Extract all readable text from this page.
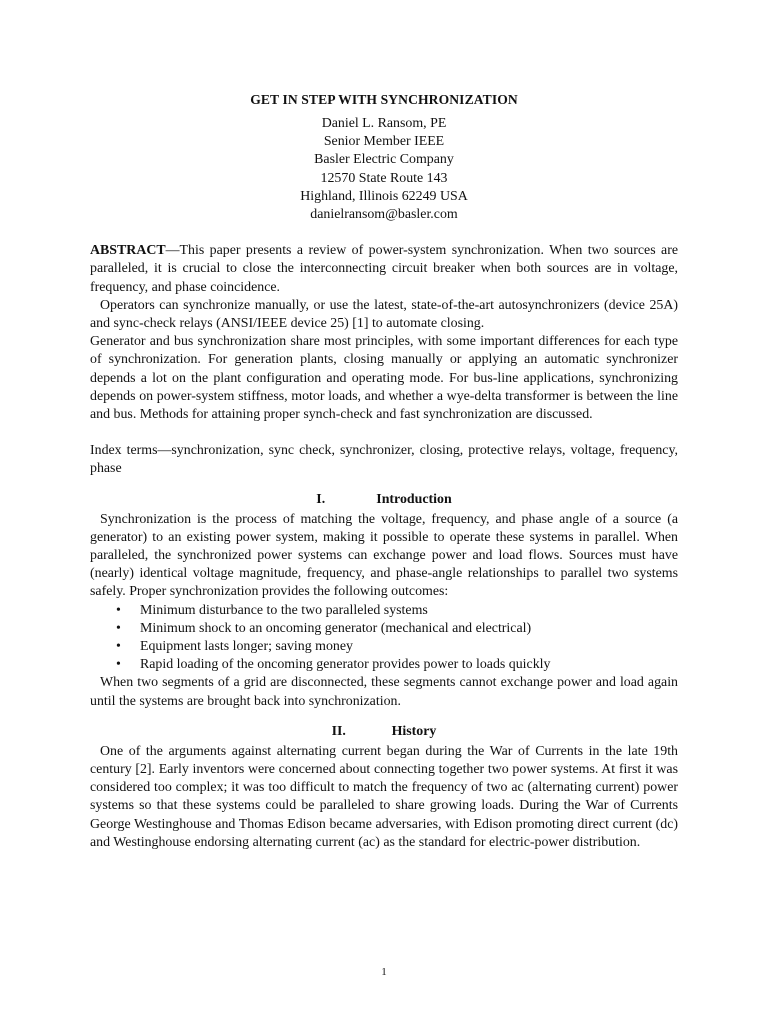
GET IN STEP WITH SYNCHRONIZATION
Daniel L. Ransom, PE
Senior Member IEEE
Basler Electric Company
12570 State Route 143
Highland, Illinois 62249 USA
danielransom@basler.com

ABSTRACT—This paper presents a review of power-system synchronization. When two sources are paralleled, it is crucial to close the interconnecting circuit breaker when both sources are in voltage, frequency, and phase coincidence.

Operators can synchronize manually, or use the latest, state-of-the-art autosynchronizers (device 25A) and sync-check relays (ANSI/IEEE device 25) [1] to automate closing.

Generator and bus synchronization share most principles, with some important differences for each type of synchronization. For generation plants, closing manually or applying an automatic synchronizer depends a lot on the plant configuration and operating mode. For bus-line applications, synchronizing depends on power-system stiffness, motor loads, and whether a wye-delta transformer is between the line and bus. Methods for attaining proper synch-check and fast synchronization are discussed.

Index terms—synchronization, sync check, synchronizer, closing, protective relays, voltage, frequency, phase

I.	Introduction

Synchronization is the process of matching the voltage, frequency, and phase angle of a source (a generator) to an existing power system, making it possible to operate these systems in parallel. When paralleled, the synchronized power systems can exchange power and load flows. Sources must have (nearly) identical voltage magnitude, frequency, and phase-angle relationships to parallel two systems safely. Proper synchronization provides the following outcomes:

• Minimum disturbance to the two paralleled systems
• Minimum shock to an oncoming generator (mechanical and electrical)
• Equipment lasts longer; saving money
• Rapid loading of the oncoming generator provides power to loads quickly

When two segments of a grid are disconnected, these segments cannot exchange power and load again until the systems are brought back into synchronization.

II.	History

One of the arguments against alternating current began during the War of Currents in the late 19th century [2]. Early inventors were concerned about connecting together two power systems. At first it was considered too complex; it was too difficult to match the frequency of two ac (alternating current) power systems so that these systems could be paralleled to share growing loads. During the War of Currents George Westinghouse and Thomas Edison became adversaries, with Edison promoting direct current (dc) and Westinghouse endorsing alternating current (ac) as the standard for electric-power distribution.

1
